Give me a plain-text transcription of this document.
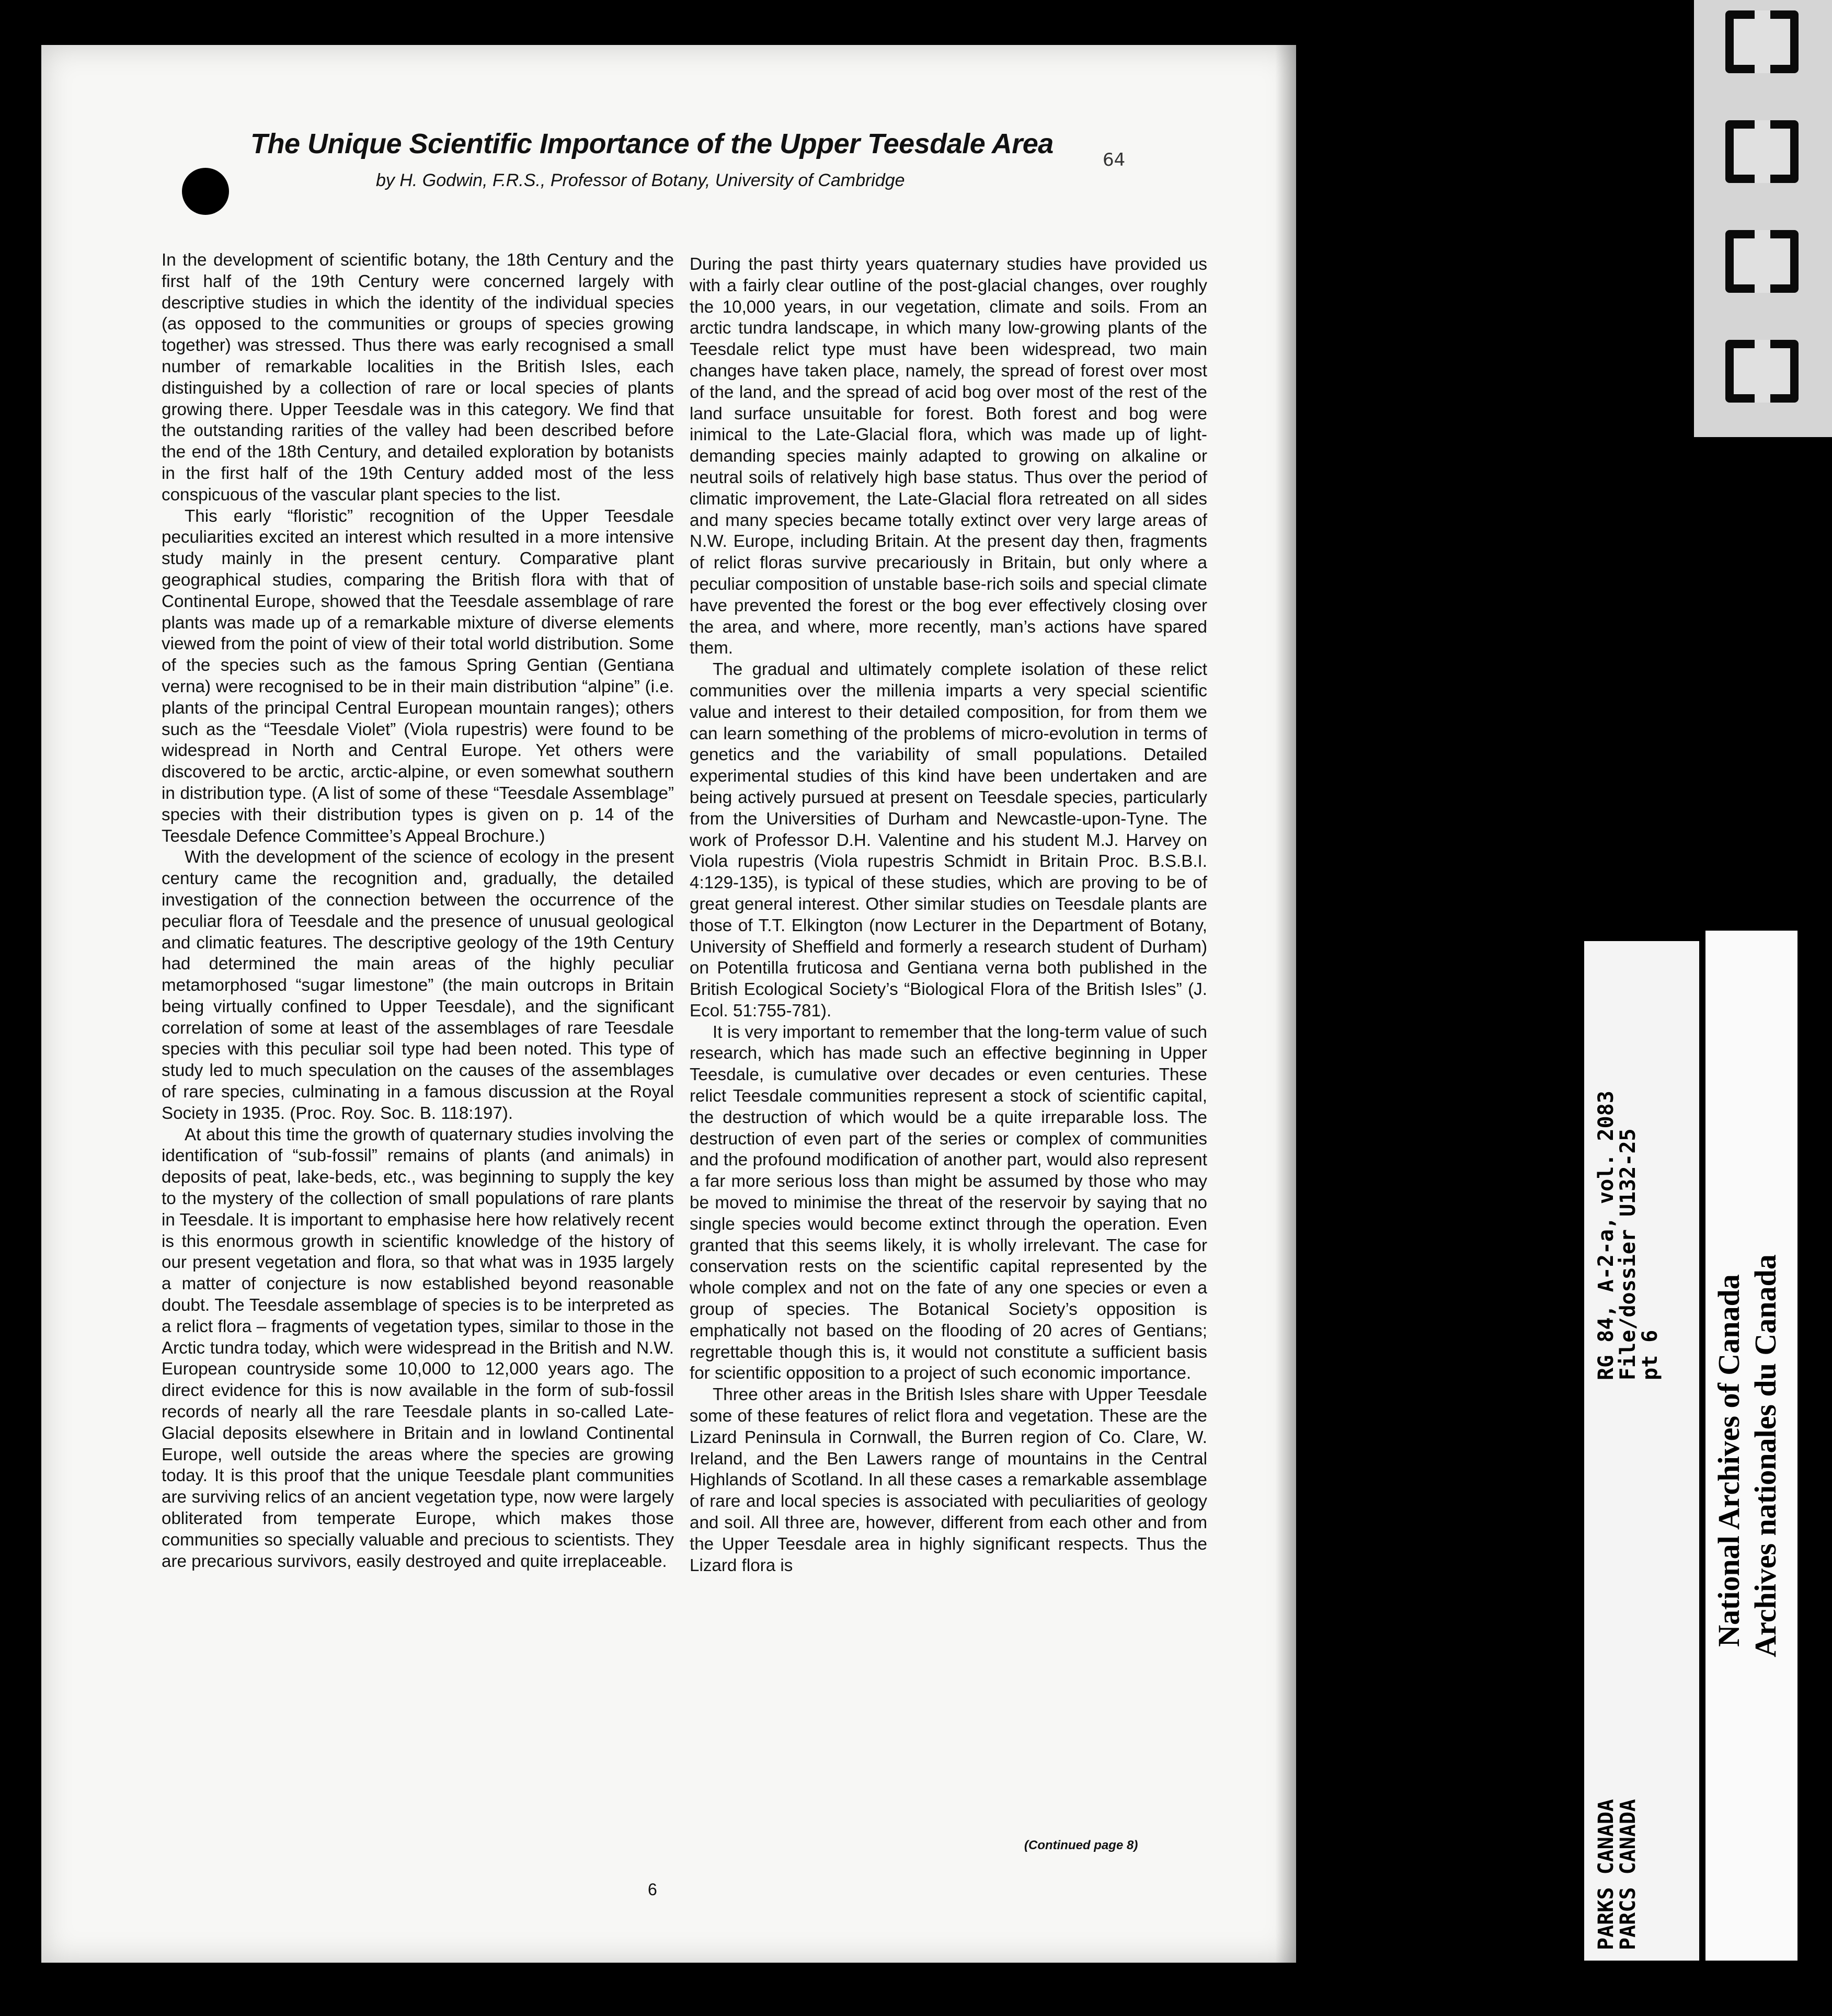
The Unique Scientific Importance of the Upper Teesdale Area
64
by H. Godwin, F.R.S., Professor of Botany, University of Cambridge

In the development of scientific botany, the 18th Century and the first half of the 19th Century were concerned largely with descriptive studies in which the identity of the individual species (as opposed to the communities or groups of species growing together) was stressed. Thus there was early recognised a small number of remarkable localities in the British Isles, each distinguished by a collection of rare or local species of plants growing there. Upper Teesdale was in this category. We find that the outstanding rarities of the valley had been described before the end of the 18th Century, and detailed exploration by botanists in the first half of the 19th Century added most of the less conspicuous of the vascular plant species to the list.

This early “floristic” recognition of the Upper Teesdale peculiarities excited an interest which resulted in a more intensive study mainly in the present century. Comparative plant geographical studies, comparing the British flora with that of Continental Europe, showed that the Teesdale assemblage of rare plants was made up of a remarkable mixture of diverse elements viewed from the point of view of their total world distribution. Some of the species such as the famous Spring Gentian (Gentiana verna) were recognised to be in their main distribution “alpine” (i.e. plants of the principal Central European mountain ranges); others such as the “Teesdale Violet” (Viola rupestris) were found to be widespread in North and Central Europe. Yet others were discovered to be arctic, arctic-alpine, or even somewhat southern in distribution type. (A list of some of these “Teesdale Assemblage” species with their distribution types is given on p. 14 of the Teesdale Defence Committee’s Appeal Brochure.)

With the development of the science of ecology in the present century came the recognition and, gradually, the detailed investigation of the connection between the occurrence of the peculiar flora of Teesdale and the presence of unusual geological and climatic features. The descriptive geology of the 19th Century had determined the main areas of the highly peculiar metamorphosed “sugar limestone” (the main outcrops in Britain being virtually confined to Upper Teesdale), and the significant correlation of some at least of the assemblages of rare Teesdale species with this peculiar soil type had been noted. This type of study led to much speculation on the causes of the assemblages of rare species, culminating in a famous discussion at the Royal Society in 1935. (Proc. Roy. Soc. B. 118:197).

At about this time the growth of quaternary studies involving the identification of “sub-fossil” remains of plants (and animals) in deposits of peat, lake-beds, etc., was beginning to supply the key to the mystery of the collection of small populations of rare plants in Teesdale. It is important to emphasise here how relatively recent is this enormous growth in scientific knowledge of the history of our present vegetation and flora, so that what was in 1935 largely a matter of conjecture is now established beyond reasonable doubt. The Teesdale assemblage of species is to be interpreted as a relict flora – fragments of vegetation types, similar to those in the Arctic tundra today, which were widespread in the British and N.W. European countryside some 10,000 to 12,000 years ago. The direct evidence for this is now available in the form of sub-fossil records of nearly all the rare Teesdale plants in so-called Late-Glacial deposits elsewhere in Britain and in lowland Continental Europe, well outside the areas where the species are growing today. It is this proof that the unique Teesdale plant communities are surviving relics of an ancient vegetation type, now were largely obliterated from temperate Europe, which makes those communities so specially valuable and precious to scientists. They are precarious survivors, easily destroyed and quite irreplaceable.

During the past thirty years quaternary studies have provided us with a fairly clear outline of the post-glacial changes, over roughly the 10,000 years, in our vegetation, climate and soils. From an arctic tundra landscape, in which many low-growing plants of the Teesdale relict type must have been widespread, two main changes have taken place, namely, the spread of forest over most of the land, and the spread of acid bog over most of the rest of the land surface unsuitable for forest. Both forest and bog were inimical to the Late-Glacial flora, which was made up of light-demanding species mainly adapted to growing on alkaline or neutral soils of relatively high base status. Thus over the period of climatic improvement, the Late-Glacial flora retreated on all sides and many species became totally extinct over very large areas of N.W. Europe, including Britain. At the present day then, fragments of relict floras survive precariously in Britain, but only where a peculiar composition of unstable base-rich soils and special climate have prevented the forest or the bog ever effectively closing over the area, and where, more recently, man’s actions have spared them.

The gradual and ultimately complete isolation of these relict communities over the millenia imparts a very special scientific value and interest to their detailed composition, for from them we can learn something of the problems of micro-evolution in terms of genetics and the variability of small populations. Detailed experimental studies of this kind have been undertaken and are being actively pursued at present on Teesdale species, particularly from the Universities of Durham and Newcastle-upon-Tyne. The work of Professor D.H. Valentine and his student M.J. Harvey on Viola rupestris (Viola rupestris Schmidt in Britain Proc. B.S.B.I. 4:129-135), is typical of these studies, which are proving to be of great general interest. Other similar studies on Teesdale plants are those of T.T. Elkington (now Lecturer in the Department of Botany, University of Sheffield and formerly a research student of Durham) on Potentilla fruticosa and Gentiana verna both published in the British Ecological Society’s “Biological Flora of the British Isles” (J. Ecol. 51:755-781).

It is very important to remember that the long-term value of such research, which has made such an effective beginning in Upper Teesdale, is cumulative over decades or even centuries. These relict Teesdale communities represent a stock of scientific capital, the destruction of which would be a quite irreparable loss. The destruction of even part of the series or complex of communities and the profound modification of another part, would also represent a far more serious loss than might be assumed by those who may be moved to minimise the threat of the reservoir by saying that no single species would become extinct through the operation. Even granted that this seems likely, it is wholly irrelevant. The case for conservation rests on the scientific capital represented by the whole complex and not on the fate of any one species or even a group of species. The Botanical Society’s opposition is emphatically not based on the flooding of 20 acres of Gentians; regrettable though this is, it would not constitute a sufficient basis for scientific opposition to a project of such economic importance.

Three other areas in the British Isles share with Upper Teesdale some of these features of relict flora and vegetation. These are the Lizard Peninsula in Cornwall, the Burren region of Co. Clare, W. Ireland, and the Ben Lawers range of mountains in the Central Highlands of Scotland. In all these cases a remarkable assemblage of rare and local species is associated with peculiarities of geology and soil. All three are, however, different from each other and from the Upper Teesdale area in highly significant respects. Thus the Lizard flora is

(Continued page 8)
6	PARKS CANADA
PARCS CANADA
RG 84, A-2-a, vol. 2083
File/dossier U132-25
pt 6 National Archives of Canada Archives nationales du Canada
